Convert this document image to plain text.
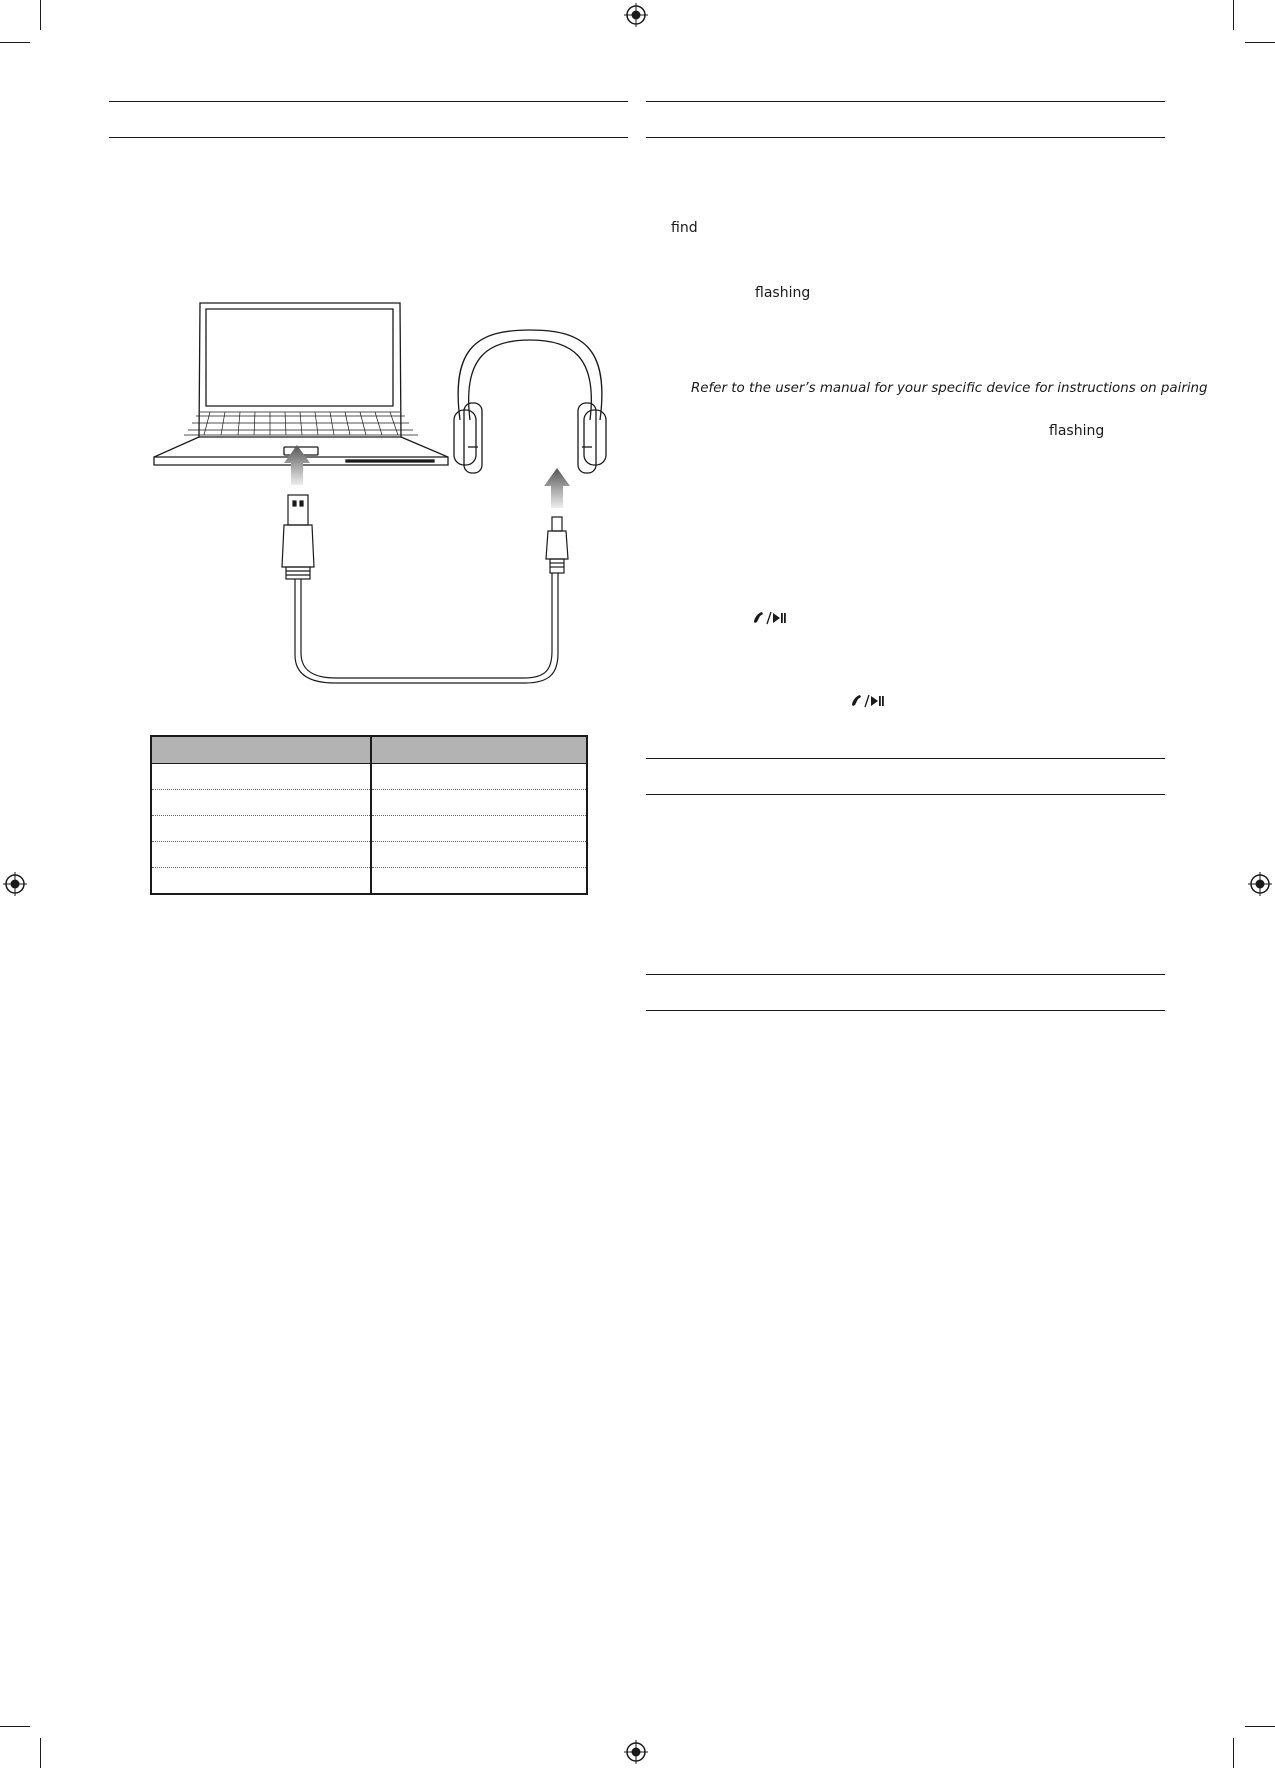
find
flashing
Refer to the user’s manual for your specific device for instructions on pairing
flashing
